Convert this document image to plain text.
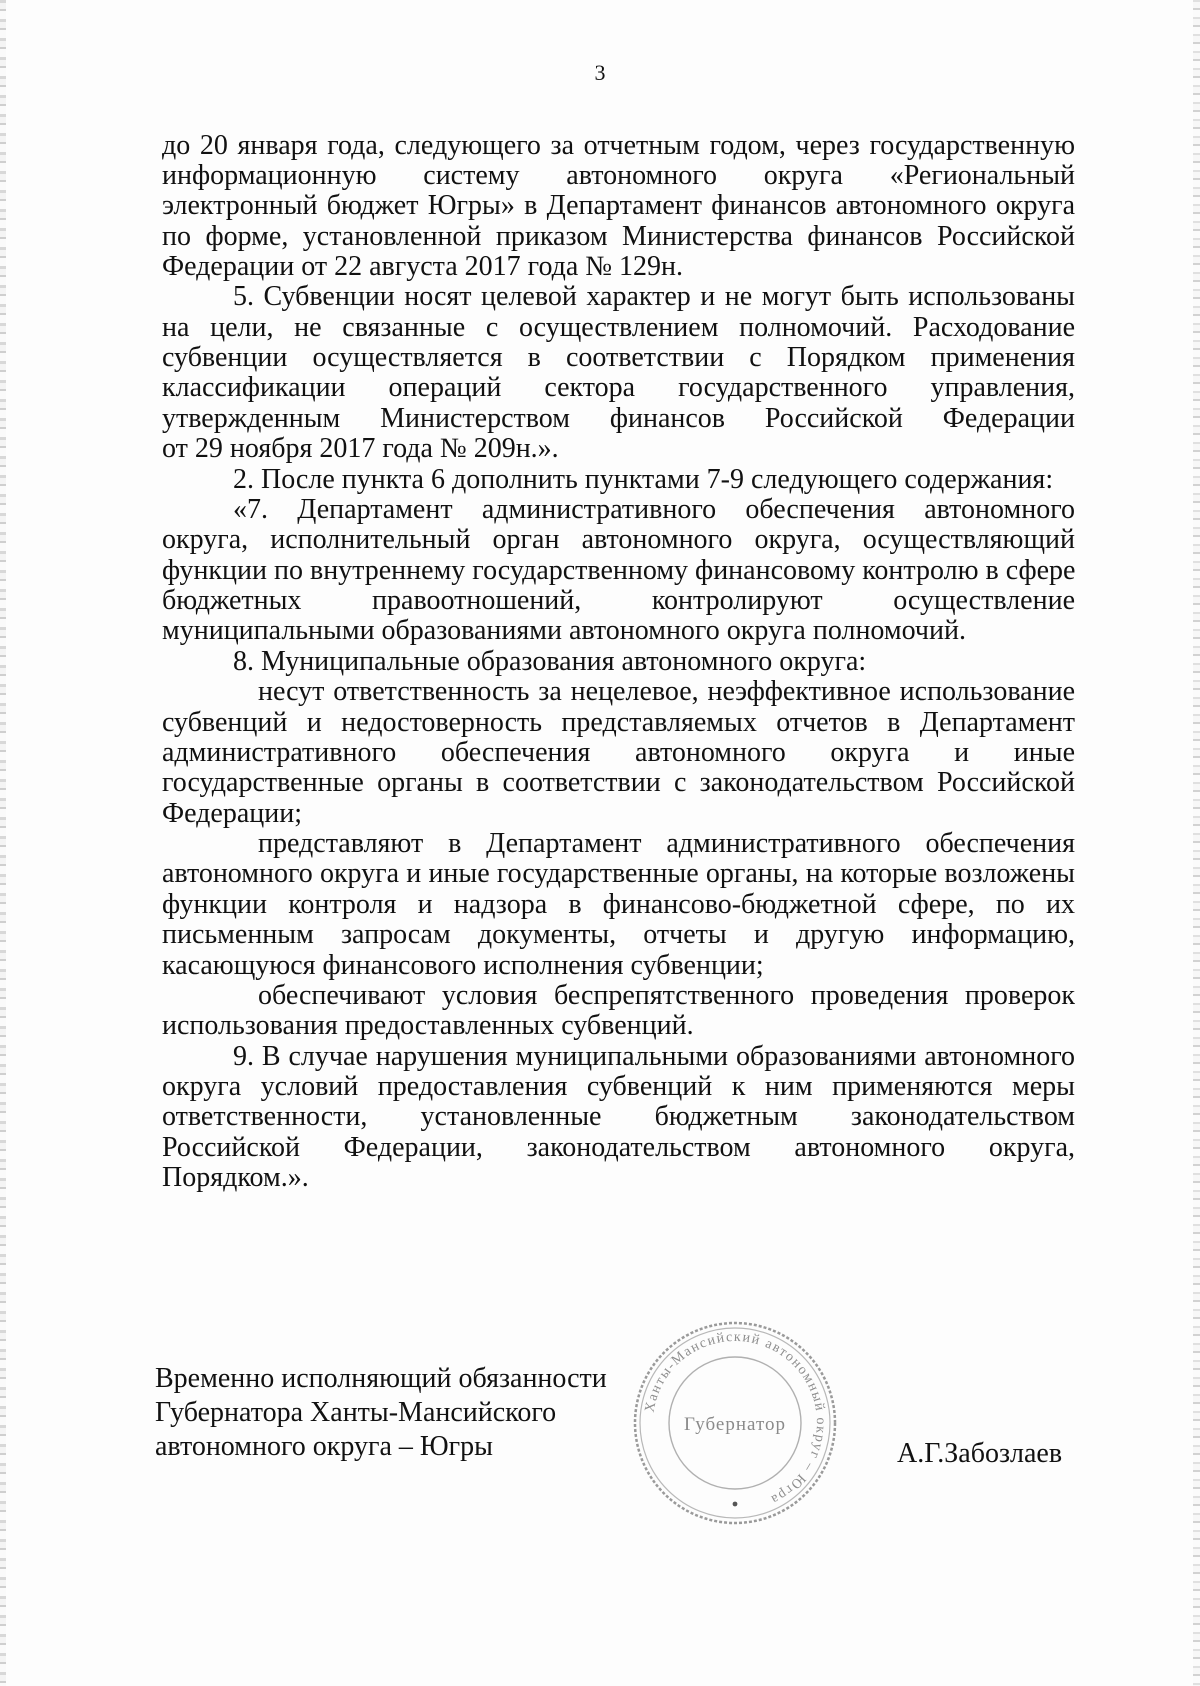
3
до 20 января года, следующего за отчетным годом, через государственную
информационную систему автономного округа «Региональный
электронный бюджет Югры» в Департамент финансов автономного округа
по форме, установленной приказом Министерства финансов Российской
Федерации от 22 августа 2017 года № 129н.
5. Субвенции носят целевой характер и не могут быть использованы
на цели, не связанные с осуществлением полномочий. Расходование
субвенции осуществляется в соответствии с Порядком применения
классификации операций сектора государственного управления,
утвержденным Министерством финансов Российской Федерации
от 29 ноября 2017 года № 209н.».
2. После пункта 6 дополнить пунктами 7-9 следующего содержания:
«7. Департамент административного обеспечения автономного
округа, исполнительный орган автономного округа, осуществляющий
функции по внутреннему государственному финансовому контролю в сфере
бюджетных правоотношений, контролируют осуществление
муниципальными образованиями автономного округа полномочий.
8. Муниципальные образования автономного округа:
несут ответственность за нецелевое, неэффективное использование
субвенций и недостоверность представляемых отчетов в Департамент
административного обеспечения автономного округа и иные
государственные органы в соответствии с законодательством Российской
Федерации;
представляют в Департамент административного обеспечения
автономного округа и иные государственные органы, на которые возложены
функции контроля и надзора в финансово-бюджетной сфере, по их
письменным запросам документы, отчеты и другую информацию,
касающуюся финансового исполнения субвенции;
обеспечивают условия беспрепятственного проведения проверок
использования предоставленных субвенций.
9. В случае нарушения муниципальными образованиями автономного
округа условий предоставления субвенций к ним применяются меры
ответственности, установленные бюджетным законодательством
Российской Федерации, законодательством автономного округа,
Порядком.».
Временно исполняющий обязанности
Губернатора Ханты-Мансийского
автономного округа – Югры	А.Г.Забозлаев
Ханты-Мансийский автономный округ – Югра
Губернатор
